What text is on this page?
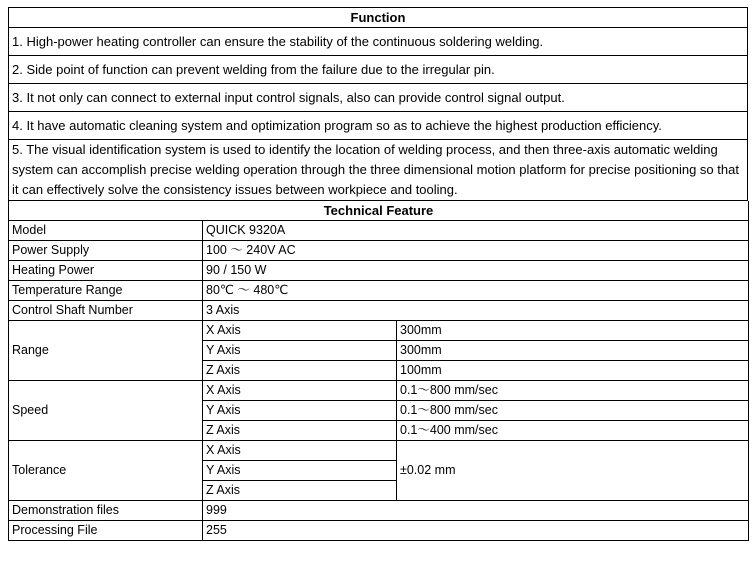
Function
1. High-power heating controller can ensure the stability of the continuous soldering welding.
2. Side point of function can prevent welding from the failure due to the irregular pin.
3. It not only can connect to external input control signals, also can provide control signal output.
4. It have automatic cleaning system and optimization program so as to achieve the highest production efficiency.
5. The visual identification system is used to identify the location of welding process, and then three-axis automatic welding system can accomplish precise welding operation through the three dimensional motion platform for precise positioning so that it can effectively solve the consistency issues between workpiece and tooling.
Technical Feature		
Model	QUICK 9320A	
Power Supply	100 ～ 240V AC	
Heating Power	90 / 150 W	
Temperature Range	80℃ ～ 480℃	
Control Shaft Number	3 Axis	
Range	X Axis	300mm
	Y Axis	300mm
	Z Axis	100mm
Speed	X Axis	0.1～800 mm/sec
	Y Axis	0.1～800 mm/sec
	Z Axis	0.1～400 mm/sec
Tolerance	X Axis	±0.02 mm
	Y Axis	
	Z Axis	
Demonstration files	999	
Processing File	255	
